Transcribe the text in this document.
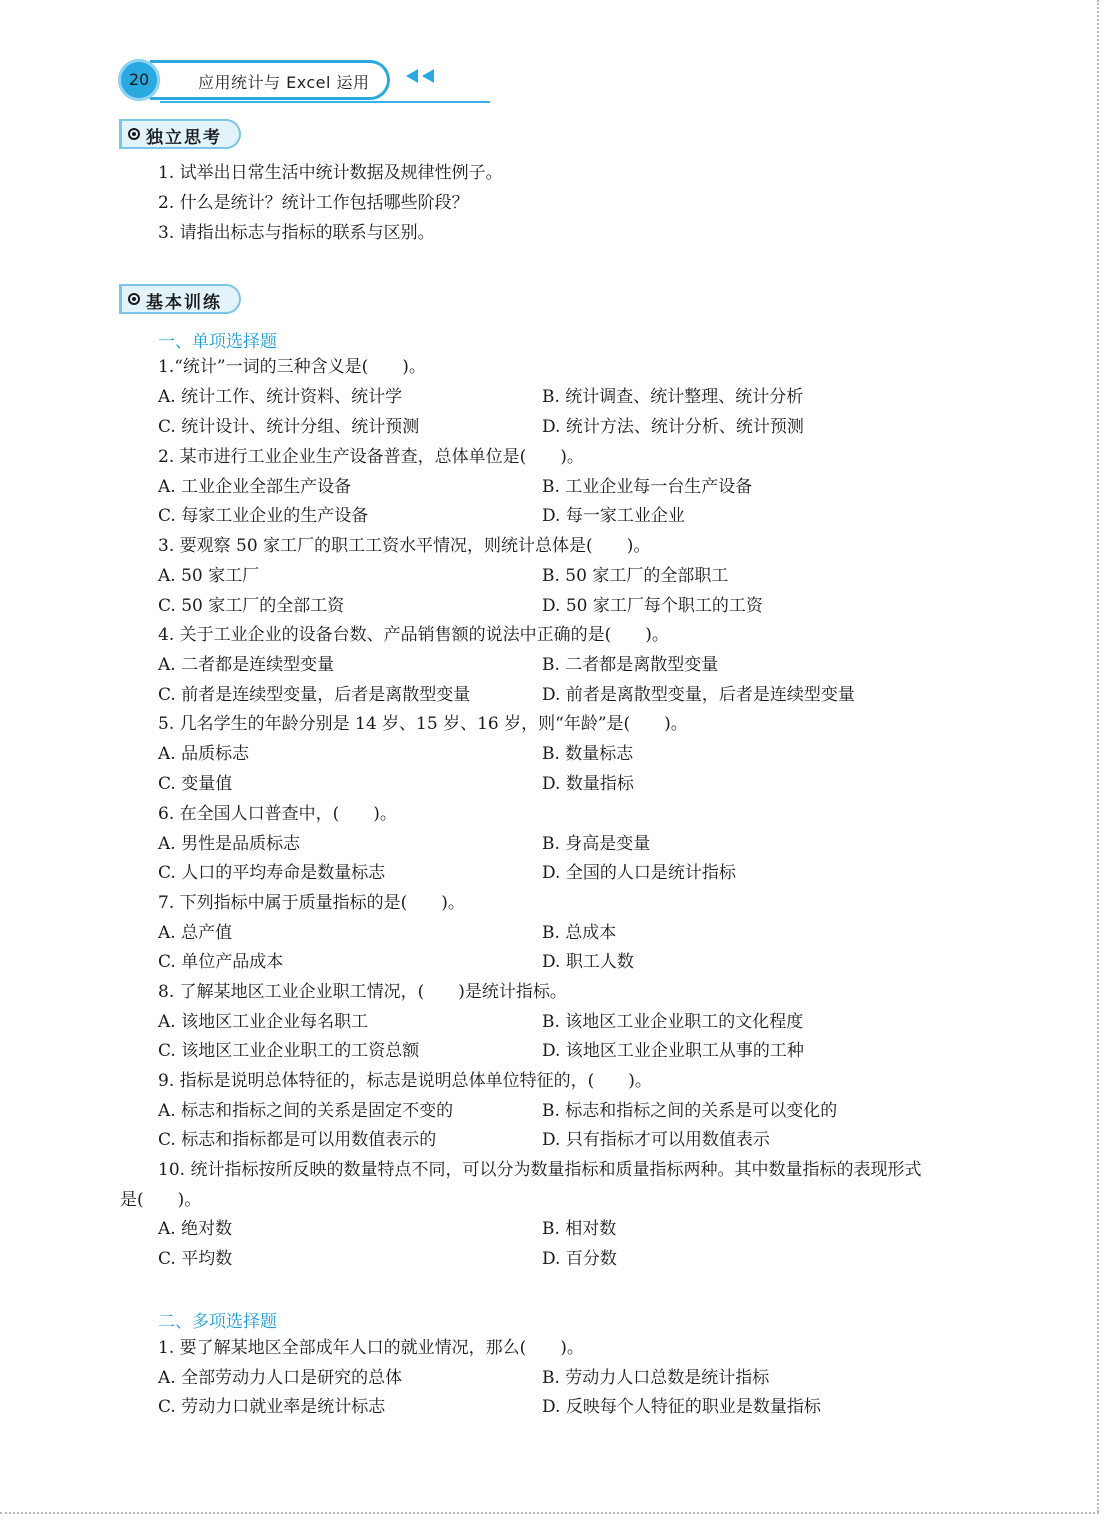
应用统计与 Excel 运用
20
独立思考
1. 试举出日常生活中统计数据及规律性例子。
2. 什么是统计？统计工作包括哪些阶段？
3. 请指出标志与指标的联系与区别。
基本训练
一、单项选择题
1.“统计”一词的三种含义是(　　)。
A. 统计工作、统计资料、统计学	B. 统计调查、统计整理、统计分析
C. 统计设计、统计分组、统计预测	D. 统计方法、统计分析、统计预测
2. 某市进行工业企业生产设备普查，总体单位是(　　)。
A. 工业企业全部生产设备	B. 工业企业每一台生产设备
C. 每家工业企业的生产设备	D. 每一家工业企业
3. 要观察 50 家工厂的职工工资水平情况，则统计总体是(　　)。
A. 50 家工厂	B. 50 家工厂的全部职工
C. 50 家工厂的全部工资	D. 50 家工厂每个职工的工资
4. 关于工业企业的设备台数、产品销售额的说法中正确的是(　　)。
A. 二者都是连续型变量	B. 二者都是离散型变量
C. 前者是连续型变量，后者是离散型变量	D. 前者是离散型变量，后者是连续型变量
5. 几名学生的年龄分别是 14 岁、15 岁、16 岁，则“年龄”是(　　)。
A. 品质标志	B. 数量标志
C. 变量值	D. 数量指标
6. 在全国人口普查中，(　　)。
A. 男性是品质标志	B. 身高是变量
C. 人口的平均寿命是数量标志	D. 全国的人口是统计指标
7. 下列指标中属于质量指标的是(　　)。
A. 总产值	B. 总成本
C. 单位产品成本	D. 职工人数
8. 了解某地区工业企业职工情况，(　　)是统计指标。
A. 该地区工业企业每名职工	B. 该地区工业企业职工的文化程度
C. 该地区工业企业职工的工资总额	D. 该地区工业企业职工从事的工种
9. 指标是说明总体特征的，标志是说明总体单位特征的，(　　)。
A. 标志和指标之间的关系是固定不变的	B. 标志和指标之间的关系是可以变化的
C. 标志和指标都是可以用数值表示的	D. 只有指标才可以用数值表示
10. 统计指标按所反映的数量特点不同，可以分为数量指标和质量指标两种。其中数量指标的表现形式
是(　　)。
A. 绝对数	B. 相对数
C. 平均数	D. 百分数
二、多项选择题
1. 要了解某地区全部成年人口的就业情况，那么(　　)。
A. 全部劳动力人口是研究的总体	B. 劳动力人口总数是统计指标
C. 劳动力口就业率是统计标志	D. 反映每个人特征的职业是数量指标
